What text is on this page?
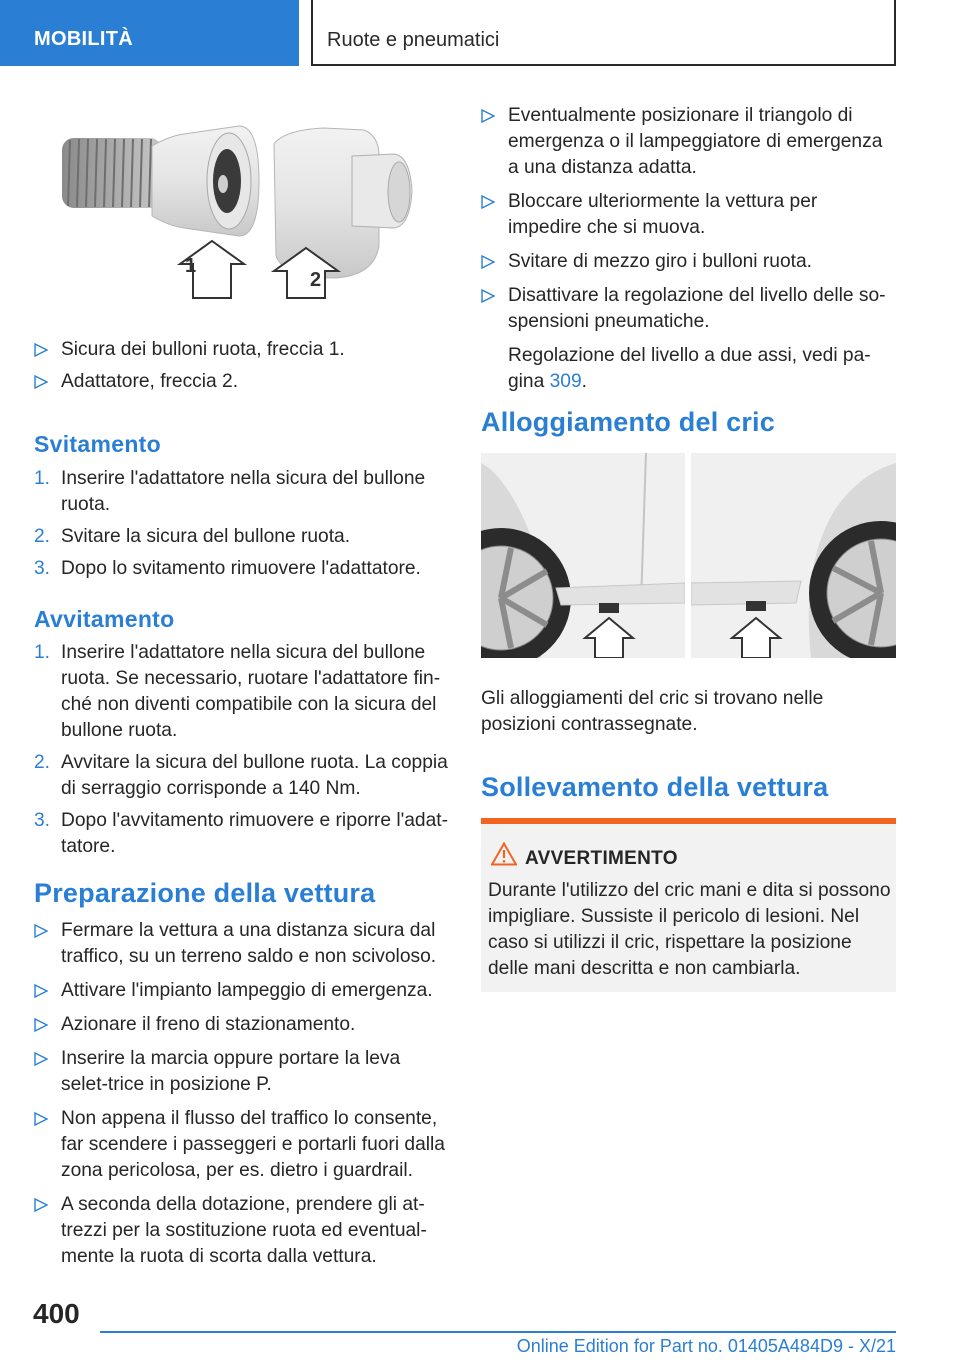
MOBILITÀ	Ruote e pneumatici
1
2
Sicura dei bulloni ruota, freccia 1.
Adattatore, freccia 2.
Svitamento
1. Inserire l'adattatore nella sicura del bullone ruota.
2. Svitare la sicura del bullone ruota.
3. Dopo lo svitamento rimuovere l'adattatore.
Avvitamento
1. Inserire l'adattatore nella sicura del bullone ruota. Se necessario, ruotare l'adattatore fin-ché non diventi compatibile con la sicura del bullone ruota.
2. Avvitare la sicura del bullone ruota. La coppia di serraggio corrisponde a 140 Nm.
3. Dopo l'avvitamento rimuovere e riporre l'adat-tatore.
Preparazione della vettura
Fermare la vettura a una distanza sicura dal traffico, su un terreno saldo e non scivoloso.
Attivare l'impianto lampeggio di emergenza.
Azionare il freno di stazionamento.
Inserire la marcia oppure portare la leva selet-trice in posizione P.
Non appena il flusso del traffico lo consente, far scendere i passeggeri e portarli fuori dalla zona pericolosa, per es. dietro i guardrail.
A seconda della dotazione, prendere gli at-trezzi per la sostituzione ruota ed eventual-mente la ruota di scorta dalla vettura.
Eventualmente posizionare il triangolo di emergenza o il lampeggiatore di emergenza a una distanza adatta.
Bloccare ulteriormente la vettura per impedire che si muova.
Svitare di mezzo giro i bulloni ruota.
Disattivare la regolazione del livello delle so-spensioni pneumatiche.
Regolazione del livello a due assi, vedi pa-gina 309.
Alloggiamento del cric

Gli alloggiamenti del cric si trovano nelle posizioni contrassegnate.

Sollevamento della vettura
AVVERTIMENTO
Durante l'utilizzo del cric mani e dita si possono impigliare. Sussiste il pericolo di lesioni. Nel caso si utilizzi il cric, rispettare la posizione delle mani descritta e non cambiarla.
400
Online Edition for Part no. 01405A484D9 - X/21
